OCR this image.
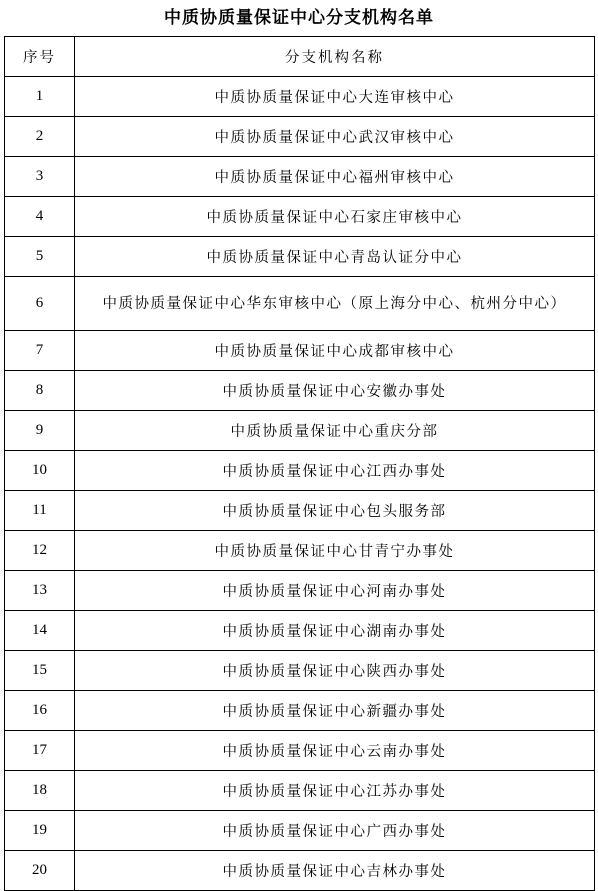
中质协质量保证中心分支机构名单
序号	分支机构名称
1	中质协质量保证中心大连审核中心
2	中质协质量保证中心武汉审核中心
3	中质协质量保证中心福州审核中心
4	中质协质量保证中心石家庄审核中心
5	中质协质量保证中心青岛认证分中心
6	中质协质量保证中心华东审核中心（原上海分中心、杭州分中心）
7	中质协质量保证中心成都审核中心
8	中质协质量保证中心安徽办事处
9	中质协质量保证中心重庆分部
10	中质协质量保证中心江西办事处
11	中质协质量保证中心包头服务部
12	中质协质量保证中心甘青宁办事处
13	中质协质量保证中心河南办事处
14	中质协质量保证中心湖南办事处
15	中质协质量保证中心陕西办事处
16	中质协质量保证中心新疆办事处
17	中质协质量保证中心云南办事处
18	中质协质量保证中心江苏办事处
19	中质协质量保证中心广西办事处
20	中质协质量保证中心吉林办事处
